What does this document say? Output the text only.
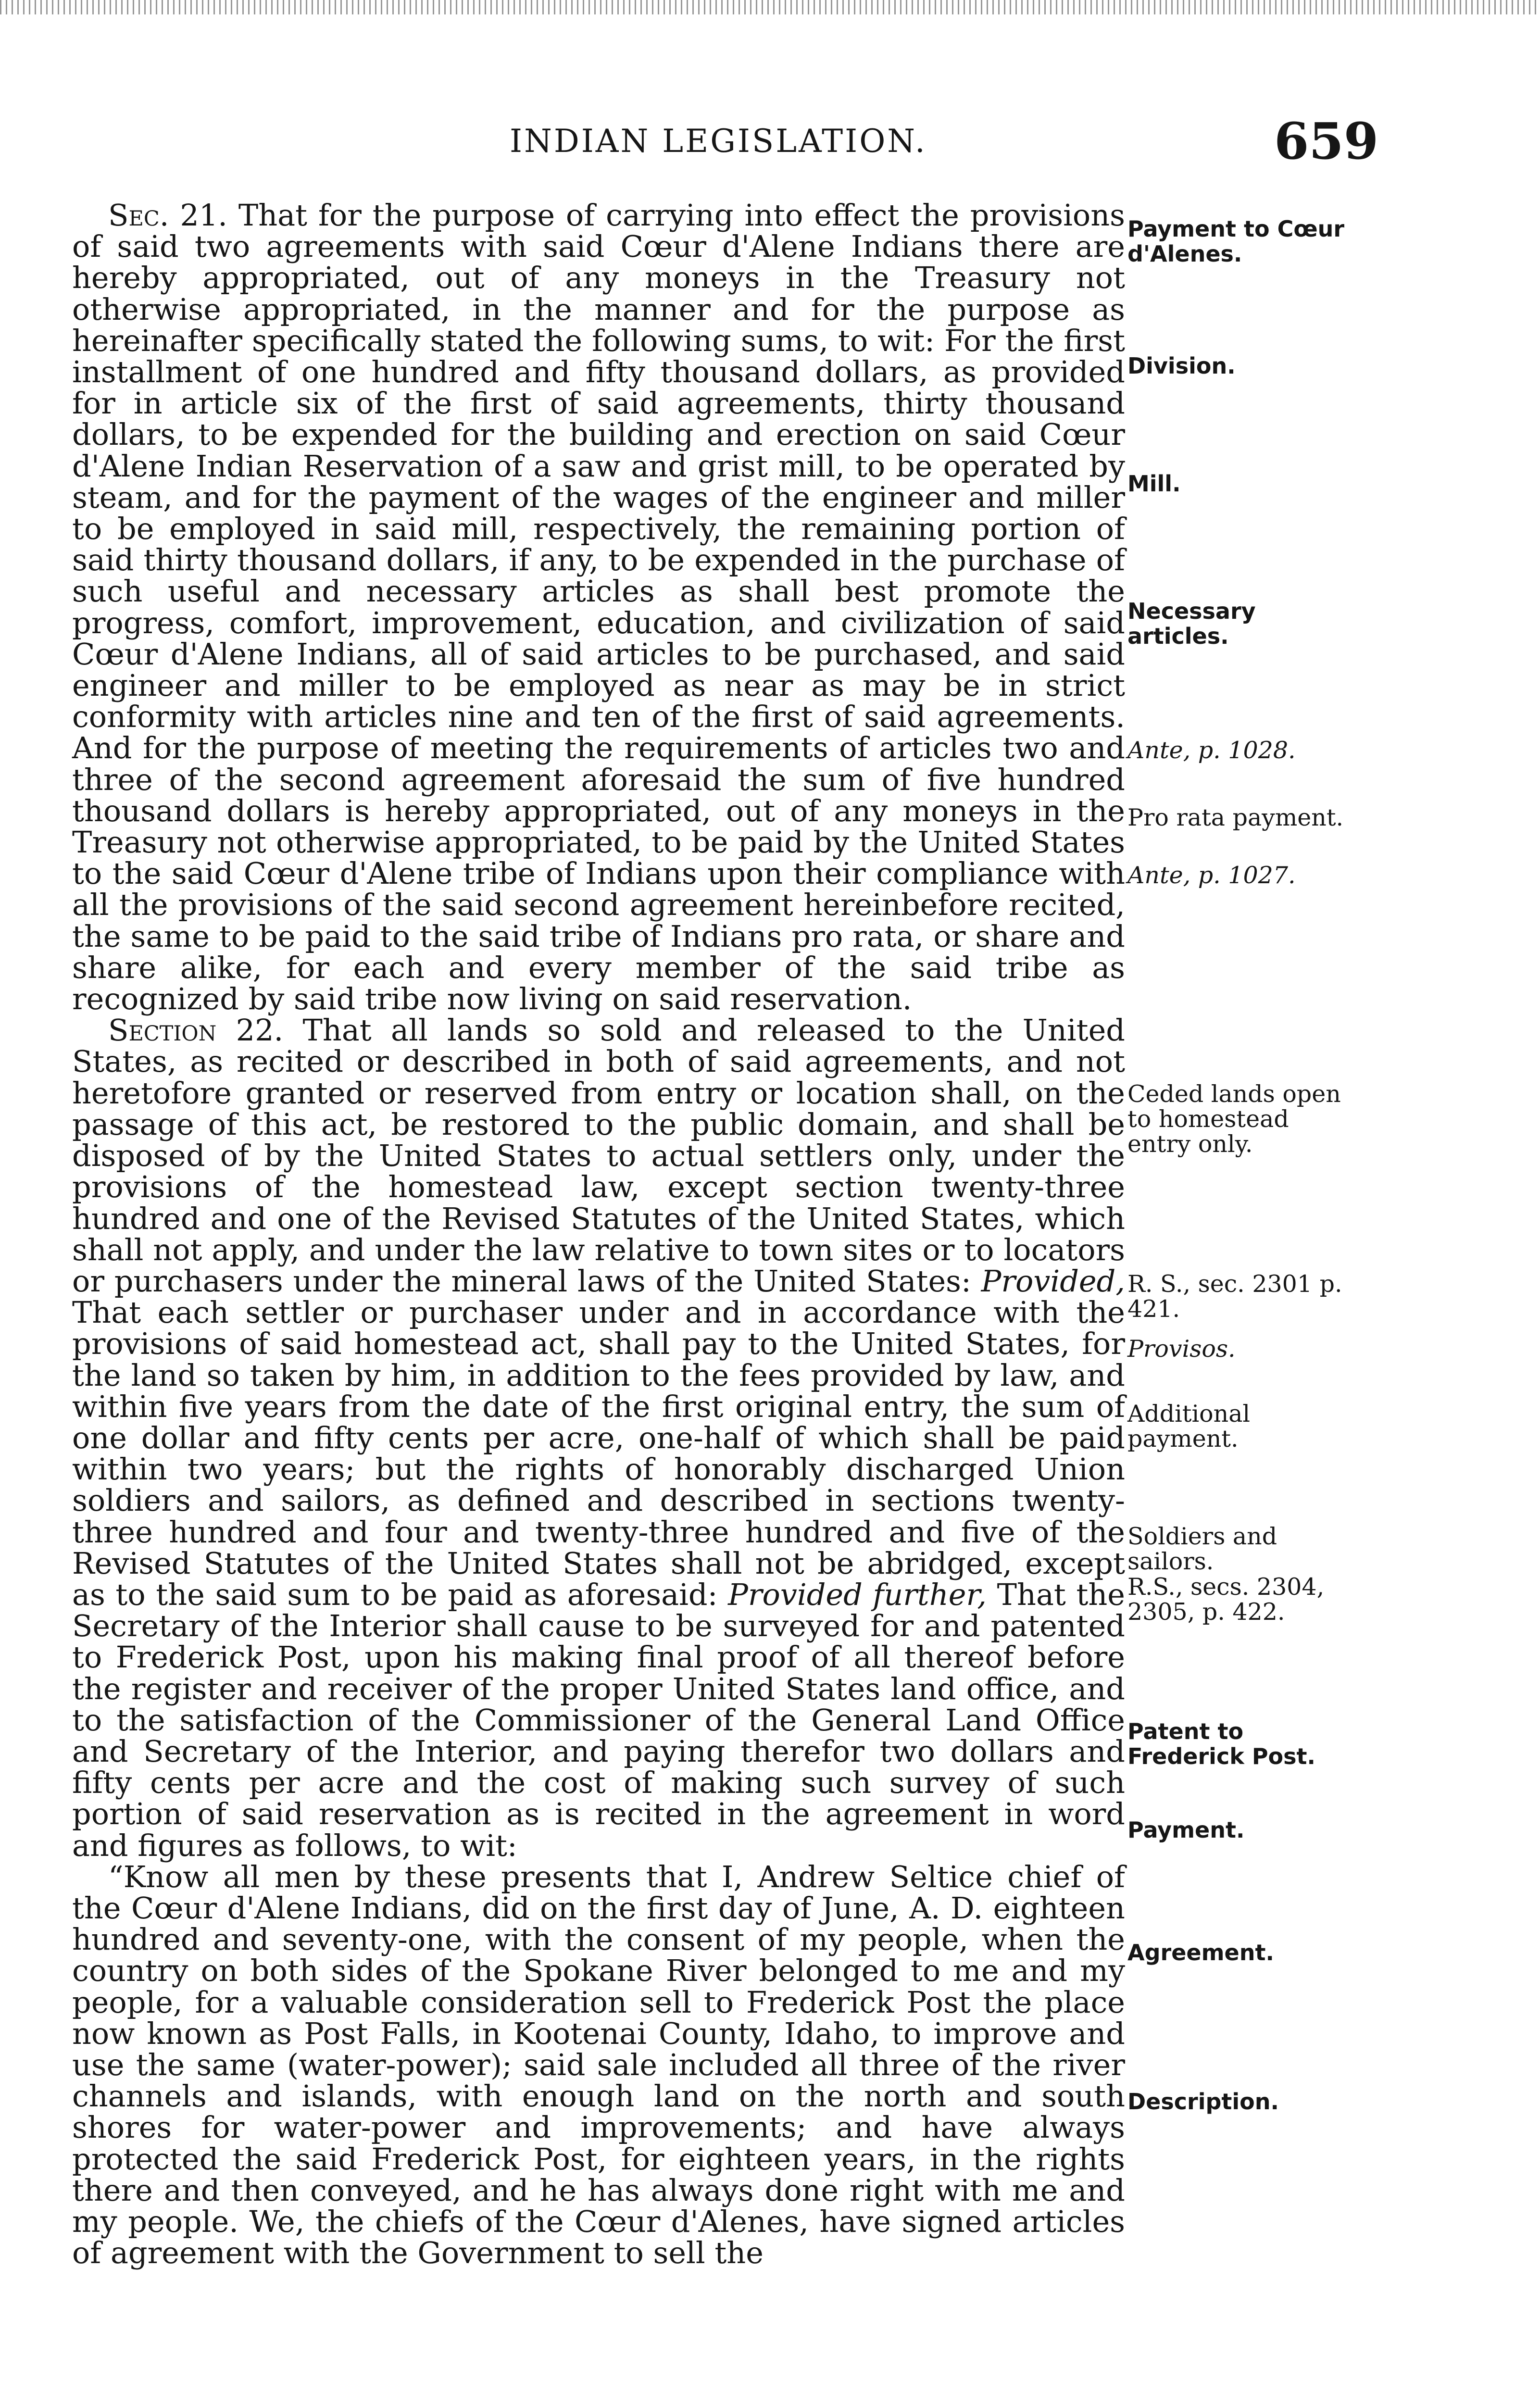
INDIAN LEGISLATION.	659

Sec. 21. That for the purpose of carrying into effect the provisions of said two agreements with said Cœur d'Alene Indians there are hereby appropriated, out of any moneys in the Treasury not otherwise appropriated, in the manner and for the purpose as hereinafter specifically stated the following sums, to wit: For the first installment of one hundred and fifty thousand dollars, as provided for in article six of the first of said agreements, thirty thousand dollars, to be expended for the building and erection on said Cœur d'Alene Indian Reservation of a saw and grist mill, to be operated by steam, and for the payment of the wages of the engineer and miller to be employed in said mill, respectively, the remaining portion of said thirty thousand dollars, if any, to be expended in the purchase of such useful and necessary articles as shall best promote the progress, comfort, improvement, education, and civilization of said Cœur d'Alene Indians, all of said articles to be purchased, and said engineer and miller to be employed as near as may be in strict conformity with articles nine and ten of the first of said agreements. And for the purpose of meeting the requirements of articles two and three of the second agreement aforesaid the sum of five hundred thousand dollars is hereby appropriated, out of any moneys in the Treasury not otherwise appropriated, to be paid by the United States to the said Cœur d'Alene tribe of Indians upon their compliance with all the provisions of the said second agreement hereinbefore recited, the same to be paid to the said tribe of Indians pro rata, or share and share alike, for each and every member of the said tribe as recognized by said tribe now living on said reservation.

Section 22. That all lands so sold and released to the United States, as recited or described in both of said agreements, and not heretofore granted or reserved from entry or location shall, on the passage of this act, be restored to the public domain, and shall be disposed of by the United States to actual settlers only, under the provisions of the homestead law, except section twenty-three hundred and one of the Revised Statutes of the United States, which shall not apply, and under the law relative to town sites or to locators or purchasers under the mineral laws of the United States: Provided, That each settler or purchaser under and in accordance with the provisions of said homestead act, shall pay to the United States, for the land so taken by him, in addition to the fees provided by law, and within five years from the date of the first original entry, the sum of one dollar and fifty cents per acre, one-half of which shall be paid within two years; but the rights of honorably discharged Union soldiers and sailors, as defined and described in sections twenty-three hundred and four and twenty-three hundred and five of the Revised Statutes of the United States shall not be abridged, except as to the said sum to be paid as aforesaid: Provided further, That the Secretary of the Interior shall cause to be surveyed for and patented to Frederick Post, upon his making final proof of all thereof before the register and receiver of the proper United States land office, and to the satisfaction of the Commissioner of the General Land Office and Secretary of the Interior, and paying therefor two dollars and fifty cents per acre and the cost of making such survey of such portion of said reservation as is recited in the agreement in word and figures as follows, to wit:

“Know all men by these presents that I, Andrew Seltice chief of the Cœur d'Alene Indians, did on the first day of June, A. D. eighteen hundred and seventy-one, with the consent of my people, when the country on both sides of the Spokane River belonged to me and my people, for a valuable consideration sell to Frederick Post the place now known as Post Falls, in Kootenai County, Idaho, to improve and use the same (water-power); said sale included all three of the river channels and islands, with enough land on the north and south shores for water-power and improvements; and have always protected the said Frederick Post, for eighteen years, in the rights there and then conveyed, and he has always done right with me and my people. We, the chiefs of the Cœur d'Alenes, have signed articles of agreement with the Government to sell the

Payment to Cœur d'Alenes.
Division.
Mill.
Necessary articles.
Ante, p. 1028.
Pro rata payment.
Ante, p. 1027.
Ceded lands open to homestead entry only.
R. S., sec. 2301 p. 421.
Provisos.
Additional payment.
Soldiers and sailors.
R.S., secs. 2304, 2305, p. 422.
Patent to Frederick Post.
Payment.
Agreement.
Description.
